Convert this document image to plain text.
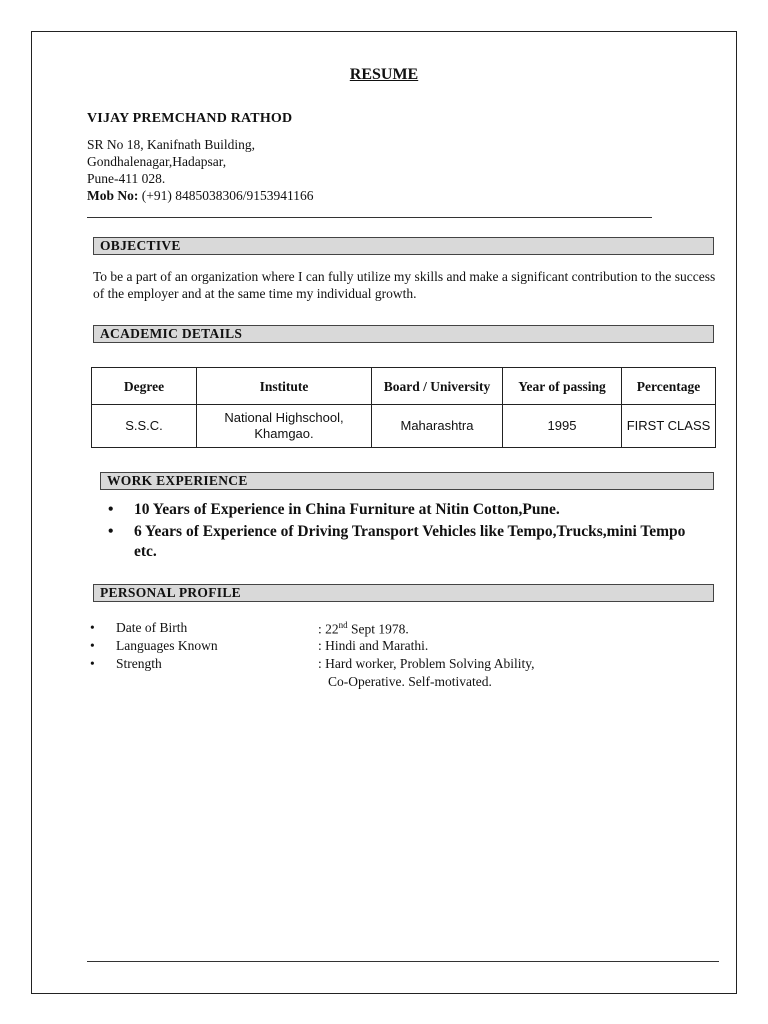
RESUME
VIJAY PREMCHAND RATHOD
SR No 18, Kanifnath Building,
Gondhalenagar,Hadapsar,
Pune-411 028.
Mob No: (+91) 8485038306/9153941166
OBJECTIVE
To be a part of an organization where I can fully utilize my skills and make a significant contribution to the success of the employer and at the same time my individual growth.
ACADEMIC DETAILS
Degree	Institute	Board / University	Year of passing	Percentage
S.S.C.	National Highschool, Khamgao.	Maharashtra	1995	FIRST CLASS
WORK EXPERIENCE
• 10 Years of Experience in China Furniture at Nitin Cotton,Pune.
• 6 Years of Experience of Driving Transport Vehicles like Tempo,Trucks,mini Tempo etc.
PERSONAL PROFILE
• Date of Birth	: 22nd Sept 1978.
• Languages Known	: Hindi and Marathi.
• Strength	: Hard worker, Problem Solving Ability,
Co-Operative. Self-motivated.
